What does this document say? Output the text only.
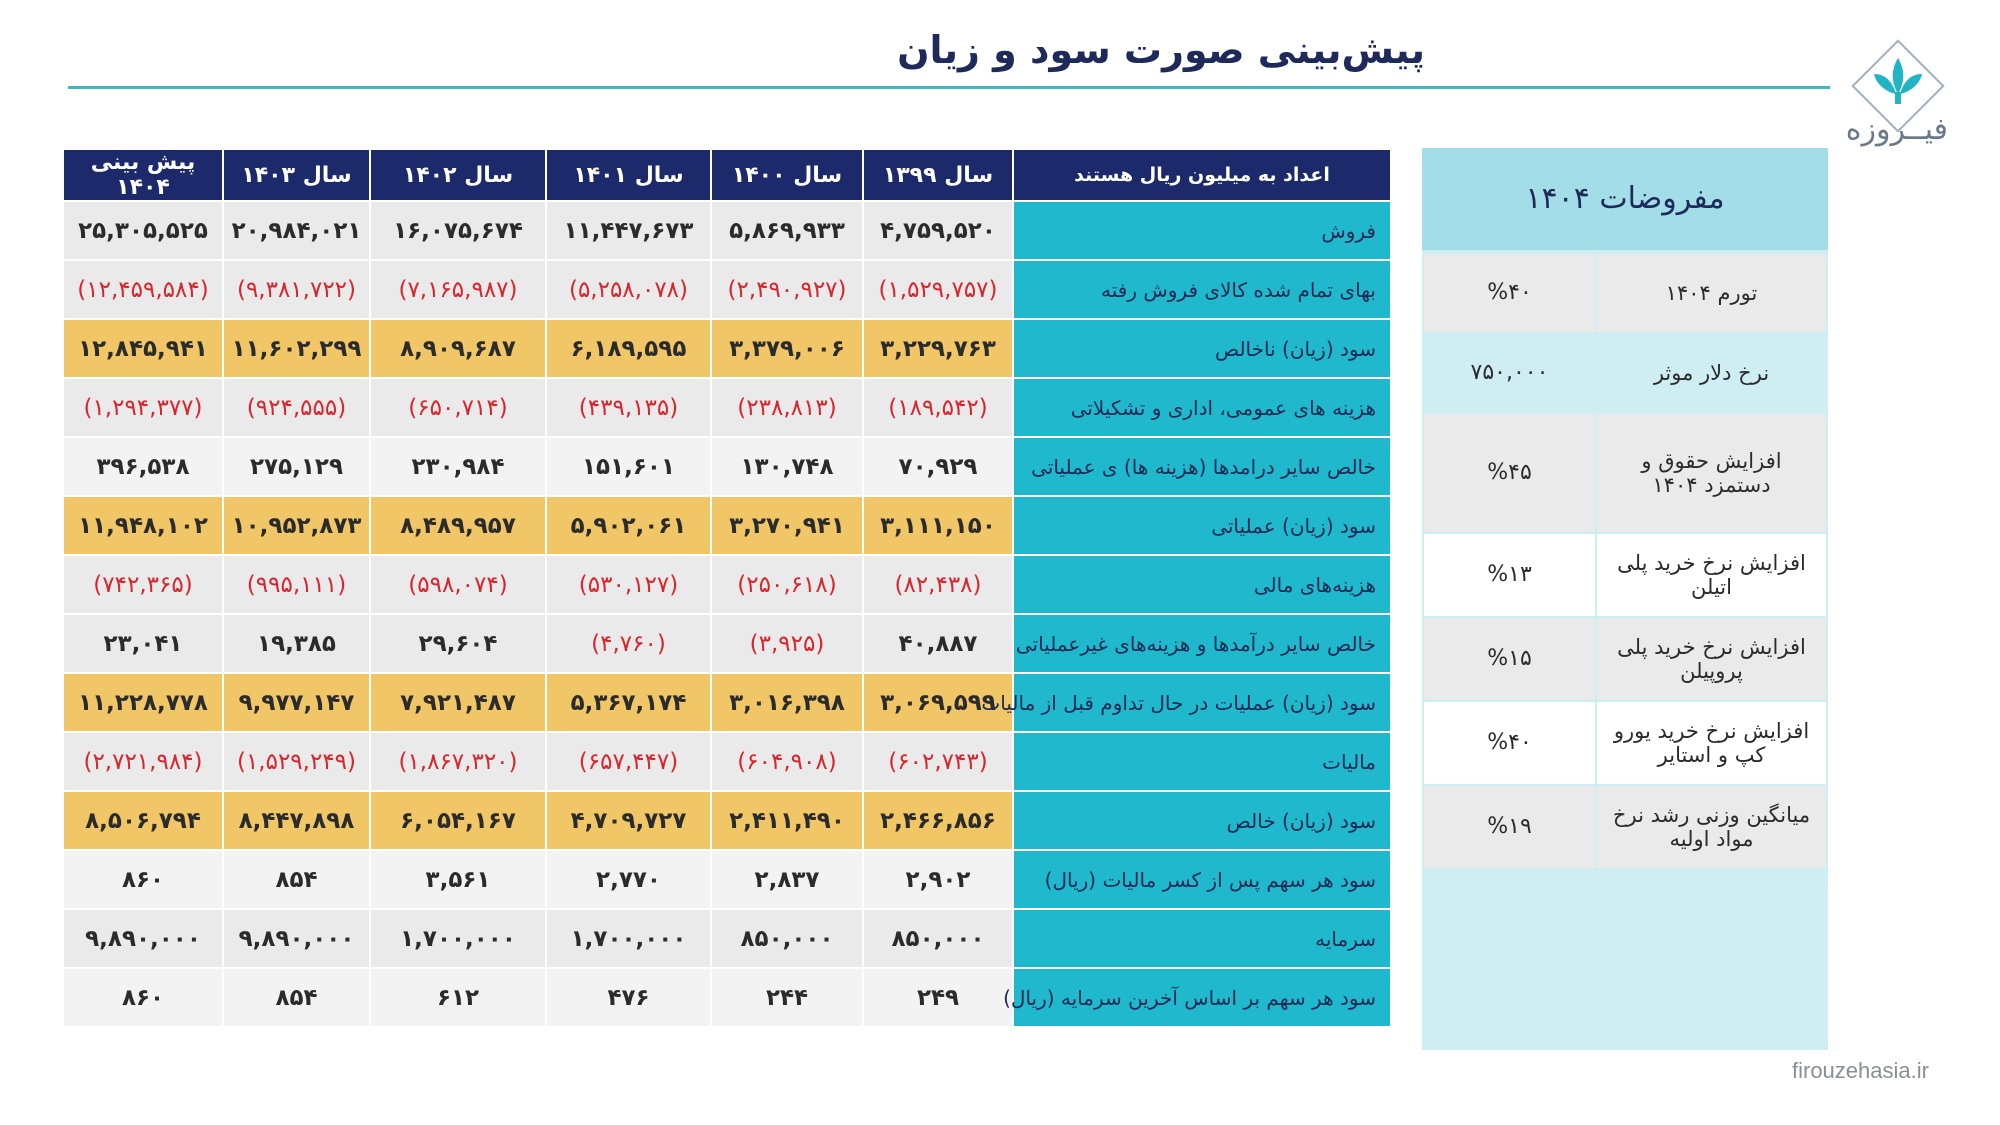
پیش‌بینی صورت سود و زیان
فیــروزه
پیش بینی ۱۴۰۴	سال ۱۴۰۳	سال ۱۴۰۲	سال ۱۴۰۱	سال ۱۴۰۰	سال ۱۳۹۹	اعداد به میلیون ریال هستند
۲۵,۳۰۵,۵۲۵	۲۰,۹۸۴,۰۲۱	۱۶,۰۷۵,۶۷۴	۱۱,۴۴۷,۶۷۳	۵,۸۶۹,۹۳۳	۴,۷۵۹,۵۲۰	فروش
(۱۲,۴۵۹,۵۸۴)	(۹,۳۸۱,۷۲۲)	(۷,۱۶۵,۹۸۷)	(۵,۲۵۸,۰۷۸)	(۲,۴۹۰,۹۲۷)	(۱,۵۲۹,۷۵۷)	بهای تمام شده کالای فروش رفته
۱۲,۸۴۵,۹۴۱	۱۱,۶۰۲,۲۹۹	۸,۹۰۹,۶۸۷	۶,۱۸۹,۵۹۵	۳,۳۷۹,۰۰۶	۳,۲۲۹,۷۶۳	سود (زیان) ناخالص
(۱,۲۹۴,۳۷۷)	(۹۲۴,۵۵۵)	(۶۵۰,۷۱۴)	(۴۳۹,۱۳۵)	(۲۳۸,۸۱۳)	(۱۸۹,۵۴۲)	هزینه های عمومی، اداری و تشکیلاتی
۳۹۶,۵۳۸	۲۷۵,۱۲۹	۲۳۰,۹۸۴	۱۵۱,۶۰۱	۱۳۰,۷۴۸	۷۰,۹۲۹	خالص سایر درامدها (هزینه ها) ی عملیاتی
۱۱,۹۴۸,۱۰۲	۱۰,۹۵۲,۸۷۳	۸,۴۸۹,۹۵۷	۵,۹۰۲,۰۶۱	۳,۲۷۰,۹۴۱	۳,۱۱۱,۱۵۰	سود (زیان) عملیاتی
(۷۴۲,۳۶۵)	(۹۹۵,۱۱۱)	(۵۹۸,۰۷۴)	(۵۳۰,۱۲۷)	(۲۵۰,۶۱۸)	(۸۲,۴۳۸)	هزینه‌های مالی
۲۳,۰۴۱	۱۹,۳۸۵	۲۹,۶۰۴	(۴,۷۶۰)	(۳,۹۲۵)	۴۰,۸۸۷	خالص سایر درآمدها و هزینه‌های غیرعملیاتی
۱۱,۲۲۸,۷۷۸	۹,۹۷۷,۱۴۷	۷,۹۲۱,۴۸۷	۵,۳۶۷,۱۷۴	۳,۰۱۶,۳۹۸	۳,۰۶۹,۵۹۹	سود (زیان) عملیات در حال تداوم قبل از مالیات
(۲,۷۲۱,۹۸۴)	(۱,۵۲۹,۲۴۹)	(۱,۸۶۷,۳۲۰)	(۶۵۷,۴۴۷)	(۶۰۴,۹۰۸)	(۶۰۲,۷۴۳)	مالیات
۸,۵۰۶,۷۹۴	۸,۴۴۷,۸۹۸	۶,۰۵۴,۱۶۷	۴,۷۰۹,۷۲۷	۲,۴۱۱,۴۹۰	۲,۴۶۶,۸۵۶	سود (زیان) خالص
۸۶۰	۸۵۴	۳,۵۶۱	۲,۷۷۰	۲,۸۳۷	۲,۹۰۲	سود هر سهم پس از کسر مالیات (ریال)
۹,۸۹۰,۰۰۰	۹,۸۹۰,۰۰۰	۱,۷۰۰,۰۰۰	۱,۷۰۰,۰۰۰	۸۵۰,۰۰۰	۸۵۰,۰۰۰	سرمایه
۸۶۰	۸۵۴	۶۱۲	۴۷۶	۲۴۴	۲۴۹	سود هر سهم بر اساس آخرین سرمایه (ریال)
مفروضات ۱۴۰۴
%۴۰	تورم ۱۴۰۴
۷۵۰,۰۰۰	نرخ دلار موثر
%۴۵	افزایش حقوق و دستمزد ۱۴۰۴
%۱۳	افزایش نرخ خرید پلی اتیلن
%۱۵	افزایش نرخ خرید پلی پروپیلن
%۴۰	افزایش نرخ خرید یورو کپ و استایر
%۱۹	میانگین وزنی رشد نرخ مواد اولیه
firouzehasia.ir
